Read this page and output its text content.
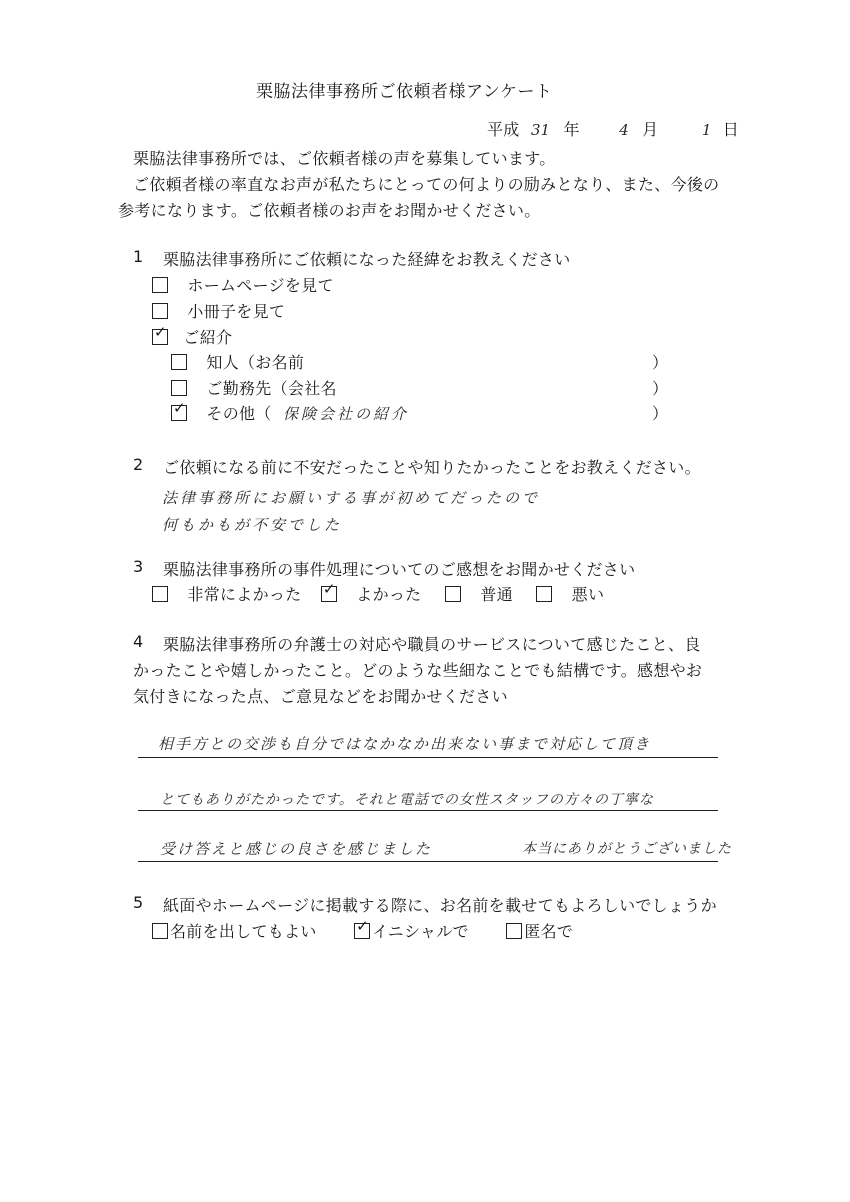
栗脇法律事務所ご依頼者様アンケート
平成 31 年	4 月	1 日
栗脇法律事務所では、ご依頼者様の声を募集しています。
ご依頼者様の率直なお声が私たちにとっての何よりの励みとなり、また、今後の
参考になります。ご依頼者様のお声をお聞かせください。
1 栗脇法律事務所にご依頼になった経緯をお教えください
ホームページを見て
小冊子を見て
✓ ご紹介
知人（お名前	）
ご勤務先（会社名	）
✓ その他（ 保険会社の紹介	）
2 ご依頼になる前に不安だったことや知りたかったことをお教えください。
法律事務所にお願いする事が初めてだったので
何もかもが不安でした
3 栗脇法律事務所の事件処理についてのご感想をお聞かせください
非常によかった ✓ よかった	普通	悪い
4 栗脇法律事務所の弁護士の対応や職員のサービスについて感じたこと、良
かったことや嬉しかったこと。どのような些細なことでも結構です。感想やお
気付きになった点、ご意見などをお聞かせください
相手方との交渉も自分ではなかなか出来ない事まで対応して頂き
とてもありがたかったです。それと電話での女性スタッフの方々の丁寧な
受け答えと感じの良さを感じました	本当にありがとうございました
5 紙面やホームページに掲載する際に、お名前を載せてもよろしいでしょうか
名前を出してもよい	✓ イニシャルで	匿名で
